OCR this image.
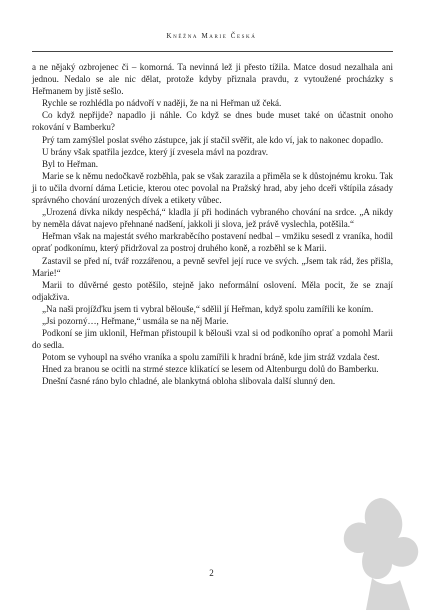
Kněžna Marie Česká

a ne nějaký ozbrojenec či – komorná. Ta nevinná lež ji přesto tížila. Matce dosud nezalhala ani jednou. Nedalo se ale nic dělat, protože kdyby přiznala pravdu, z vytoužené procházky s Heřmanem by jistě sešlo.

Rychle se rozhlédla po nádvoří v naději, že na ni Heřman už čeká.

Co když nepřijde? napadlo ji náhle. Co když se dnes bude muset také on účastnit onoho rokování v Bamberku?

Prý tam zamýšlel poslat svého zástupce, jak jí stačil svěřit, ale kdo ví, jak to nakonec dopadlo.

U brány však spatřila jezdce, který jí zvesela mávl na pozdrav.

Byl to Heřman.

Marie se k němu nedočkavě rozběhla, pak se však zarazila a přiměla se k důstojnému kroku. Tak ji to učila dvorní dáma Leticie, kterou otec povolal na Pražský hrad, aby jeho dceři vštípila zásady správného chování urozených dívek a etikety vůbec.

„Urozená dívka nikdy nespěchá,“ kladla jí při hodinách vybraného chování na srdce. „A nikdy by neměla dávat najevo přehnané nadšení, jakkoli ji slova, jež právě vyslechla, potěšila.“

Heřman však na majestát svého markraběcího postavení nedbal – vmžiku sesedl z vraníka, hodil oprať podkonímu, který přidržoval za postroj druhého koně, a rozběhl se k Marii.

Zastavil se před ní, tvář rozzářenou, a pevně sevřel její ruce ve svých. „Jsem tak rád, žes přišla, Marie!“

Marii to důvěrné gesto potěšilo, stejně jako neformální oslovení. Měla pocit, že se znají odjakživa.

„Na naši projížďku jsem ti vybral bělouše,“ sdělil jí Heřman, když spolu zamířili ke koním.

„Jsi pozorný…, Heřmane,“ usmála se na něj Marie.

Podkoní se jim uklonil, Heřman přistoupil k bělouši vzal si od podkoního oprať a pomohl Marii do sedla.

Potom se vyhoupl na svého vraníka a spolu zamířili k hradní bráně, kde jim stráž vzdala čest.

Hned za branou se ocitli na strmé stezce klikatící se lesem od Altenburgu dolů do Bamberku.

Dnešní časné ráno bylo chladné, ale blankytná obloha slibovala další slunný den.

2
